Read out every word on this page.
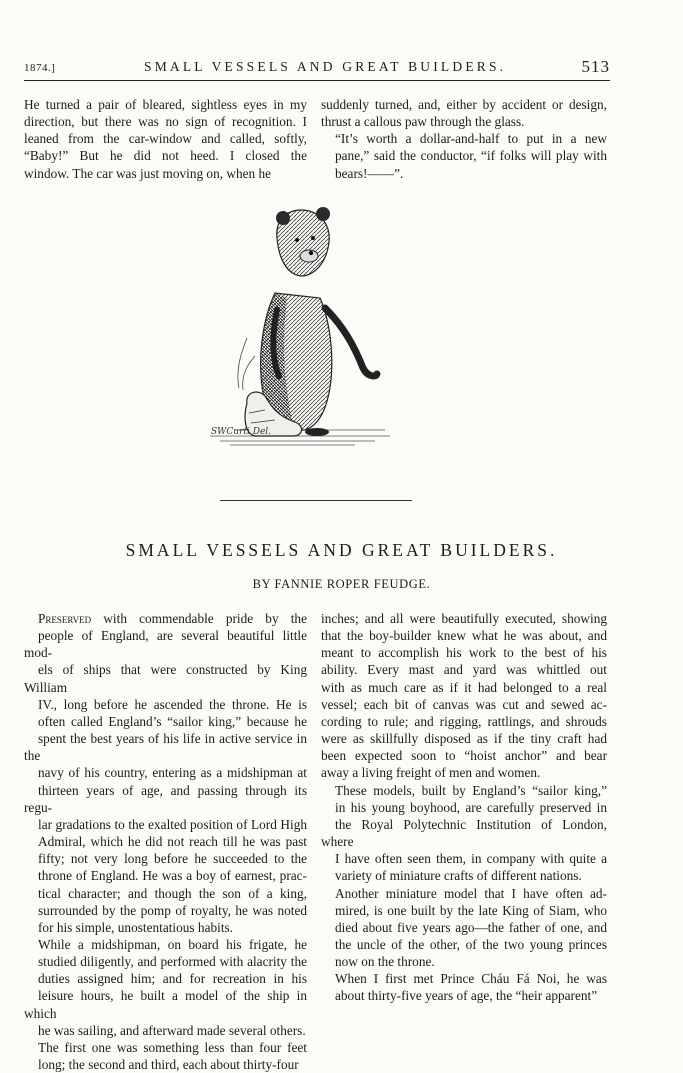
1874.]	SMALL VESSELS AND GREAT BUILDERS.	513

He turned a pair of bleared, sightless eyes in my
direction, but there was no sign of recognition. I
leaned from the car-window and called, softly,
“Baby!” But he did not heed. I closed the
window. The car was just moving on, when he

suddenly turned, and, either by accident or design,
thrust a callous paw through the glass.

“It’s worth a dollar-and-half to put in a new
pane,” said the conductor, “if folks will play with
bears!——”.

SWCurti Del.
SMALL VESSELS AND GREAT BUILDERS.
BY FANNIE ROPER FEUDGE.

Preserved with commendable pride by the
people of England, are several beautiful little mod-
els of ships that were constructed by King William
IV., long before he ascended the throne. He is
often called England’s “sailor king,” because he
spent the best years of his life in active service in the
navy of his country, entering as a midshipman at
thirteen years of age, and passing through its regu-
lar gradations to the exalted position of Lord High
Admiral, which he did not reach till he was past
fifty; not very long before he succeeded to the
throne of England. He was a boy of earnest, prac-
tical character; and though the son of a king,
surrounded by the pomp of royalty, he was noted
for his simple, unostentatious habits.

While a midshipman, on board his frigate, he
studied diligently, and performed with alacrity the
duties assigned him; and for recreation in his
leisure hours, he built a model of the ship in which
he was sailing, and afterward made several others.

The first one was something less than four feet
long; the second and third, each about thirty-four

inches; and all were beautifully executed, showing
that the boy-builder knew what he was about, and
meant to accomplish his work to the best of his
ability. Every mast and yard was whittled out
with as much care as if it had belonged to a real
vessel; each bit of canvas was cut and sewed ac-
cording to rule; and rigging, rattlings, and shrouds
were as skillfully disposed as if the tiny craft had
been expected soon to “hoist anchor” and bear
away a living freight of men and women.

These models, built by England’s “sailor king,”
in his young boyhood, are carefully preserved in
the Royal Polytechnic Institution of London, where
I have often seen them, in company with quite a
variety of miniature crafts of different nations.

Another miniature model that I have often ad-
mired, is one built by the late King of Siam, who
died about five years ago—the father of one, and
the uncle of the other, of the two young princes
now on the throne.

When I first met Prince Cháu Fá Noi, he was
about thirty-five years of age, the “heir apparent”
